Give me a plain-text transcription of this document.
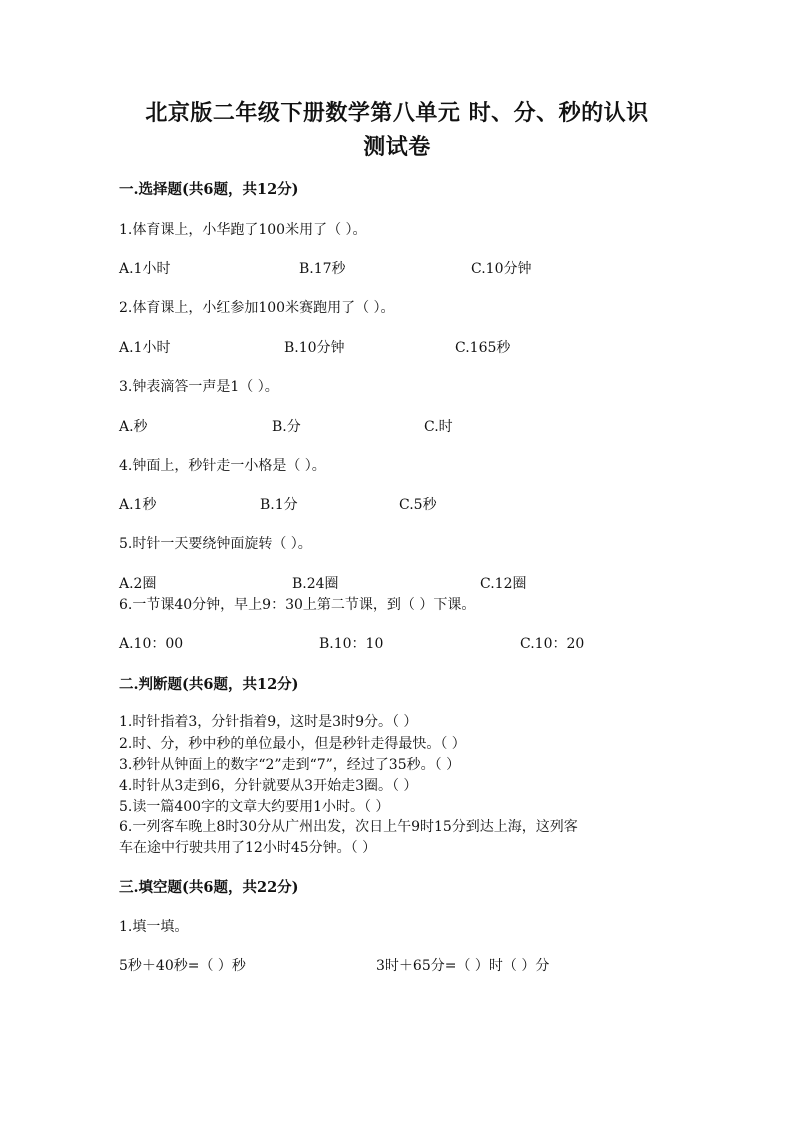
北京版二年级下册数学第八单元 时、分、秒的认识
测试卷
一.选择题(共6题，共12分)
1.体育课上，小华跑了100米用了（ ）。
A.1小时	B.17秒	C.10分钟
2.体育课上，小红参加100米赛跑用了（ ）。
A.1小时	B.10分钟	C.165秒
3.钟表滴答一声是1（ ）。
A.秒	B.分	C.时
4.钟面上，秒针走一小格是（ ）。
A.1秒	B.1分	C.5秒
5.时针一天要绕钟面旋转（ ）。
A.2圈	B.24圈	C.12圈
6.一节课40分钟，早上9：30上第二节课，到（ ）下课。
A.10：00	B.10：10	C.10：20
二.判断题(共6题，共12分)
1.时针指着3，分针指着9，这时是3时9分。（ ）
2.时、分，秒中秒的单位最小，但是秒针走得最快。（ ）
3.秒针从钟面上的数字“2”走到“7”，经过了35秒。（ ）
4.时针从3走到6，分针就要从3开始走3圈。（ ）
5.读一篇400字的文章大约要用1小时。（ ）
6.一列客车晚上8时30分从广州出发，次日上午9时15分到达上海，这列客
车在途中行驶共用了12小时45分钟。（ ）
三.填空题(共6题，共22分)
1.填一填。
5秒＋40秒=（ ）秒	3时＋65分=（ ）时（ ）分
